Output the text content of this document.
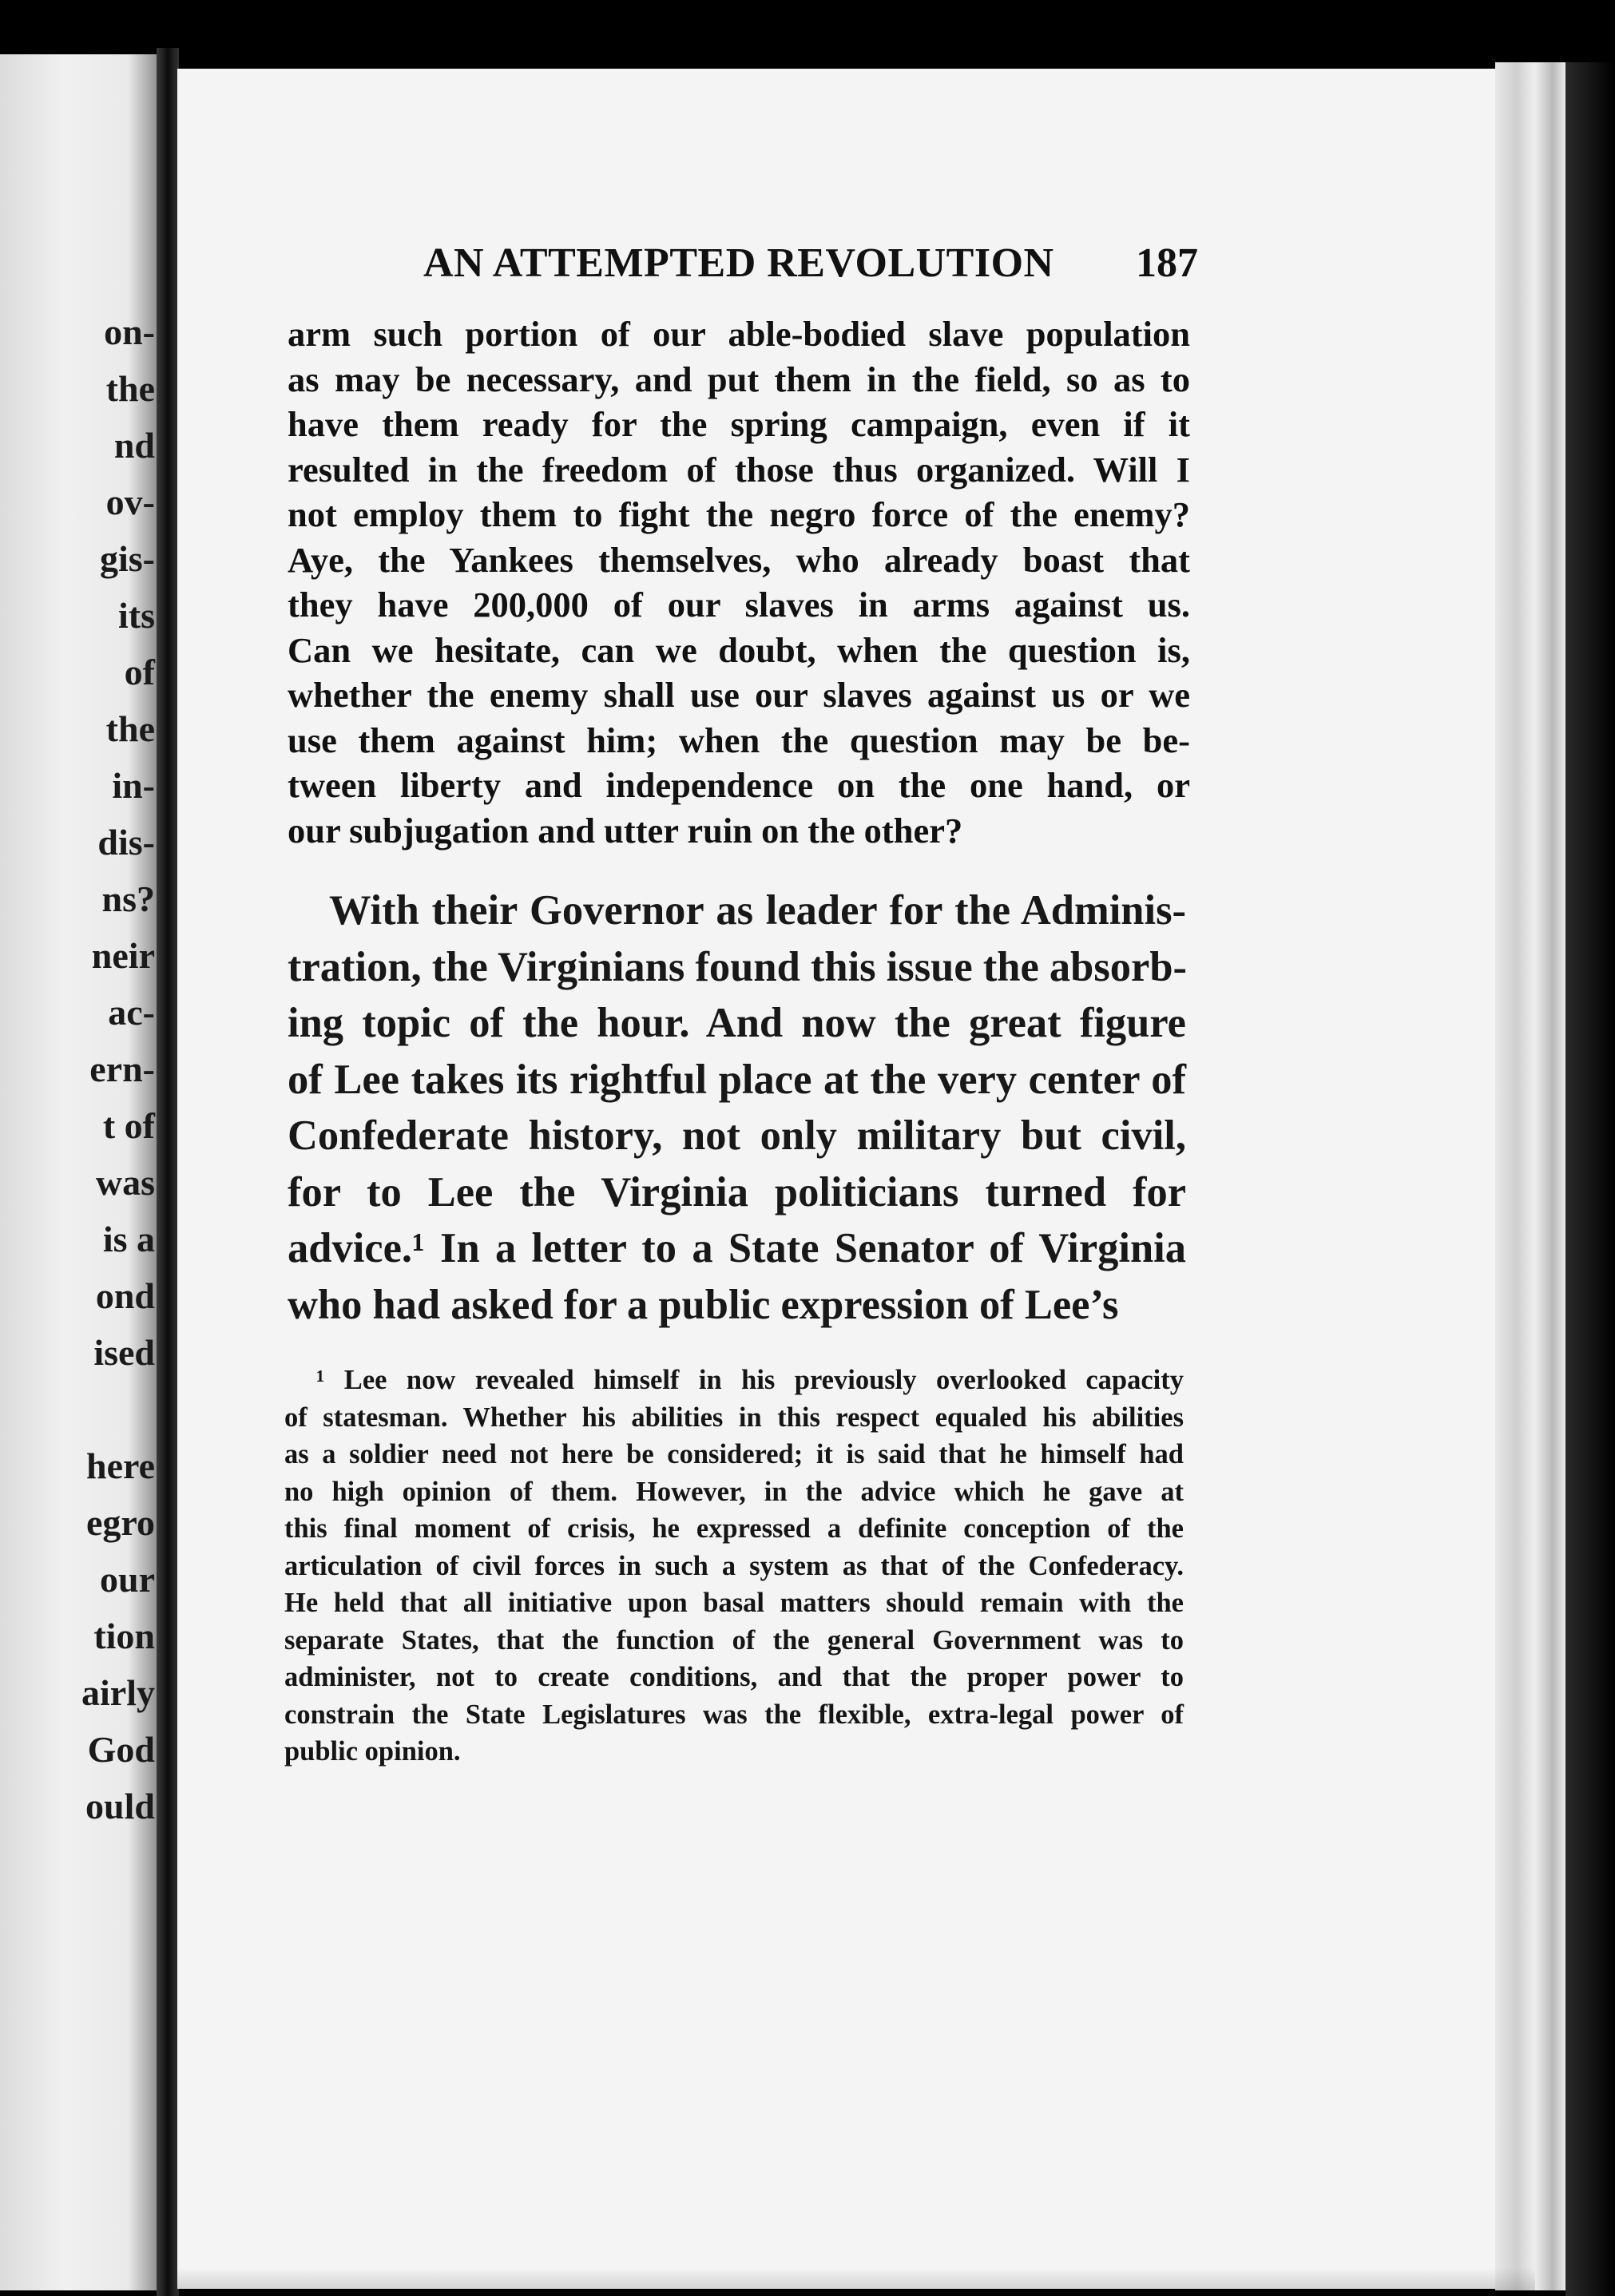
on-
the
nd
ov-
gis-
its
of
the
in-
dis-
ns?
neir
ac-
ern-
t of
was
is a
ond
ised
here
egro
our
tion
airly
God
ould
AN ATTEMPTED REVOLUTION 187
arm such portion of our able-bodied slave population
as may be necessary, and put them in the field, so as to
have them ready for the spring campaign, even if it
resulted in the freedom of those thus organized. Will I
not employ them to fight the negro force of the enemy?
Aye, the Yankees themselves, who already boast that
they have 200,000 of our slaves in arms against us.
Can we hesitate, can we doubt, when the question is,
whether the enemy shall use our slaves against us or we
use them against him; when the question may be be-
tween liberty and independence on the one hand, or
our subjugation and utter ruin on the other?
With their Governor as leader for the Adminis-
tration, the Virginians found this issue the absorb-
ing topic of the hour. And now the great figure
of Lee takes its rightful place at the very center of
Confederate history, not only military but civil,
for to Lee the Virginia politicians turned for
advice.¹ In a letter to a State Senator of Virginia
who had asked for a public expression of Lee’s
¹ Lee now revealed himself in his previously overlooked capacity
of statesman. Whether his abilities in this respect equaled his abilities
as a soldier need not here be considered; it is said that he himself had
no high opinion of them. However, in the advice which he gave at
this final moment of crisis, he expressed a definite conception of the
articulation of civil forces in such a system as that of the Confederacy.
He held that all initiative upon basal matters should remain with the
separate States, that the function of the general Government was to
administer, not to create conditions, and that the proper power to
constrain the State Legislatures was the flexible, extra-legal power of
public opinion.
